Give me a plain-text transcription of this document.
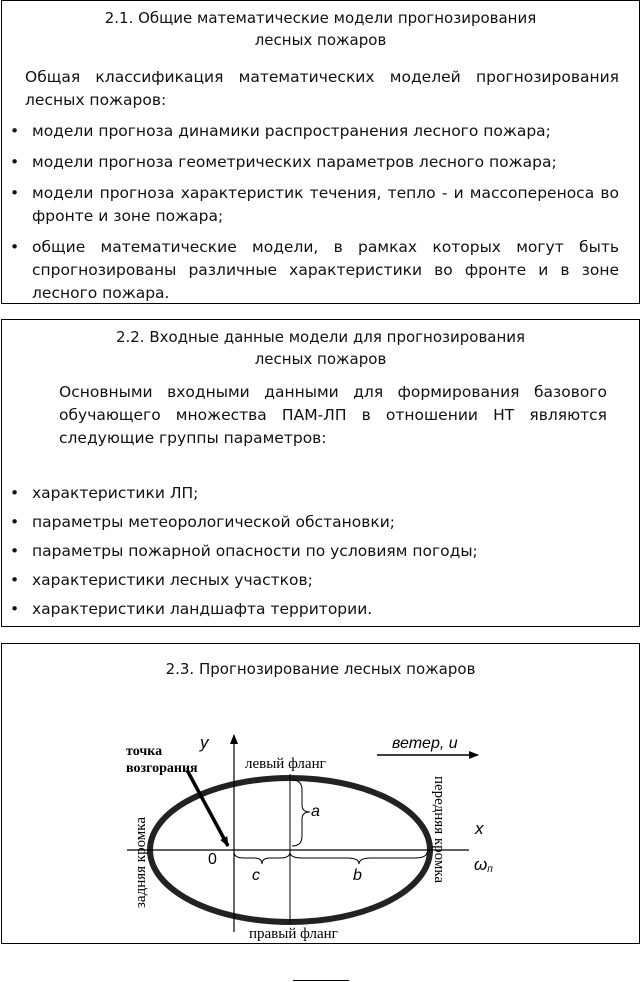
2.1. Общие математические модели прогнозирования
лесных пожаров

Общая классификация математических моделей прогнозирования лесных пожаров:

• модели прогноза динамики распространения лесного пожара;
• модели прогноза геометрических параметров лесного пожара;
• модели прогноза характеристик течения, тепло - и массопереноса во фронте и зоне пожара;
• общие математические модели, в рамках которых могут быть спрогнозированы различные характеристики во фронте и в зоне лесного пожара.
2.2. Входные данные модели для прогнозирования
лесных пожаров

Основными входными данными для формирования базового обучающего множества ПАМ-ЛП в отношении НТ являются следующие группы параметров:

• характеристики ЛП;
• параметры метеорологической обстановки;
• параметры пожарной опасности по условиям погоды;
• характеристики лесных участков;
• характеристики ландшафта территории.
2.3. Прогнозирование лесных пожаров
точка
возгорания
y
левый фланг
ветер, u
x
a
0
c	b
ωп
правый фланг
задняя кромка	передняя кромка
